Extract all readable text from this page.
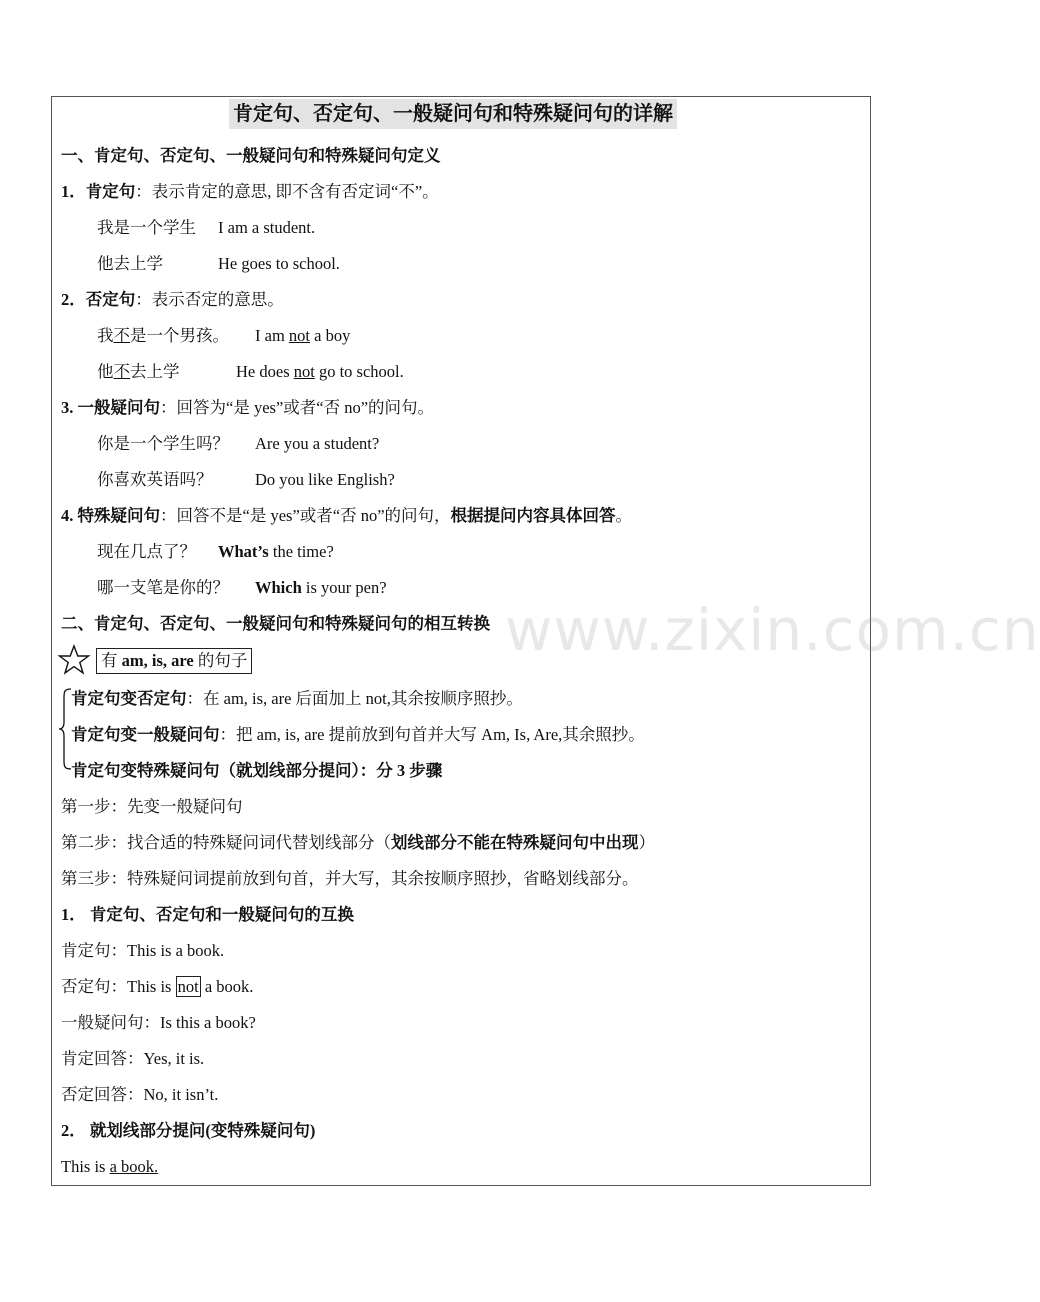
www.zixin.com.cn
肯定句、否定句、一般疑问句和特殊疑问句的详解
一、肯定句、否定句、一般疑问句和特殊疑问句定义
1．肯定句：表示肯定的意思, 即不含有否定词“不”。
我是一个学生 I am a student.
他去上学	He goes to school.
2．否定句：表示否定的意思。
我不是一个男孩。 I am not a boy
他不去上学	He does not go to school.
3. 一般疑问句：回答为“是 yes”或者“否 no”的问句。
你是一个学生吗？ Are you a student?
你喜欢英语吗？	Do you like English?
4. 特殊疑问句：回答不是“是 yes”或者“否 no”的问句，根据提问内容具体回答。
现在几点了？ What’s the time?
哪一支笔是你的？ Which is your pen?
二、肯定句、否定句、一般疑问句和特殊疑问句的相互转换
有 am, is, are 的句子
肯定句变否定句：在 am, is, are 后面加上 not,其余按顺序照抄。
肯定句变一般疑问句：把 am, is, are 提前放到句首并大写 Am, Is, Are,其余照抄。
肯定句变特殊疑问句（就划线部分提问）：分 3 步骤
第一步：先变一般疑问句
第二步：找合适的特殊疑问词代替划线部分（划线部分不能在特殊疑问句中出现）
第三步：特殊疑问词提前放到句首，并大写，其余按顺序照抄，省略划线部分。
1． 肯定句、否定句和一般疑问句的互换
肯定句：This is a book.
否定句：This is not a book.
一般疑问句：Is this a book?
肯定回答：Yes, it is.
否定回答：No, it isn’t.
2． 就划线部分提问(变特殊疑问句)
This is a book.
